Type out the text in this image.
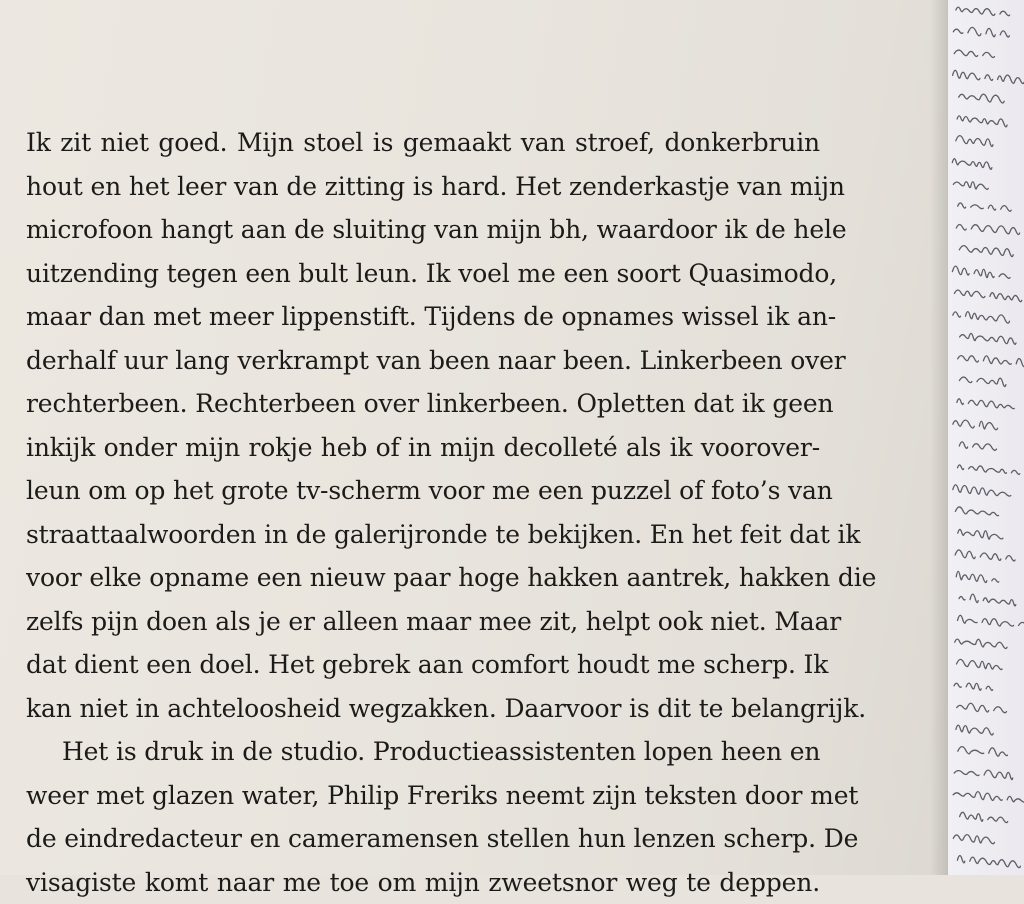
Ik zit niet goed. Mijn stoel is gemaakt van stroef, donkerbruin
hout en het leer van de zitting is hard. Het zenderkastje van mijn
microfoon hangt aan de sluiting van mijn bh, waardoor ik de hele
uitzending tegen een bult leun. Ik voel me een soort Quasimodo,
maar dan met meer lippenstift. Tijdens de opnames wissel ik an-
derhalf uur lang verkrampt van been naar been. Linkerbeen over
rechterbeen. Rechterbeen over linkerbeen. Opletten dat ik geen
inkijk onder mijn rokje heb of in mijn decolleté als ik voorover-
leun om op het grote tv-scherm voor me een puzzel of foto’s van
straattaalwoorden in de galerijronde te bekijken. En het feit dat ik
voor elke opname een nieuw paar hoge hakken aantrek, hakken die
zelfs pijn doen als je er alleen maar mee zit, helpt ook niet. Maar
dat dient een doel. Het gebrek aan comfort houdt me scherp. Ik
kan niet in achteloosheid wegzakken. Daarvoor is dit te belangrijk.
Het is druk in de studio. Productieassistenten lopen heen en
weer met glazen water, Philip Freriks neemt zijn teksten door met
de eindredacteur en cameramensen stellen hun lenzen scherp. De
visagiste komt naar me toe om mijn zweetsnor weg te deppen.
